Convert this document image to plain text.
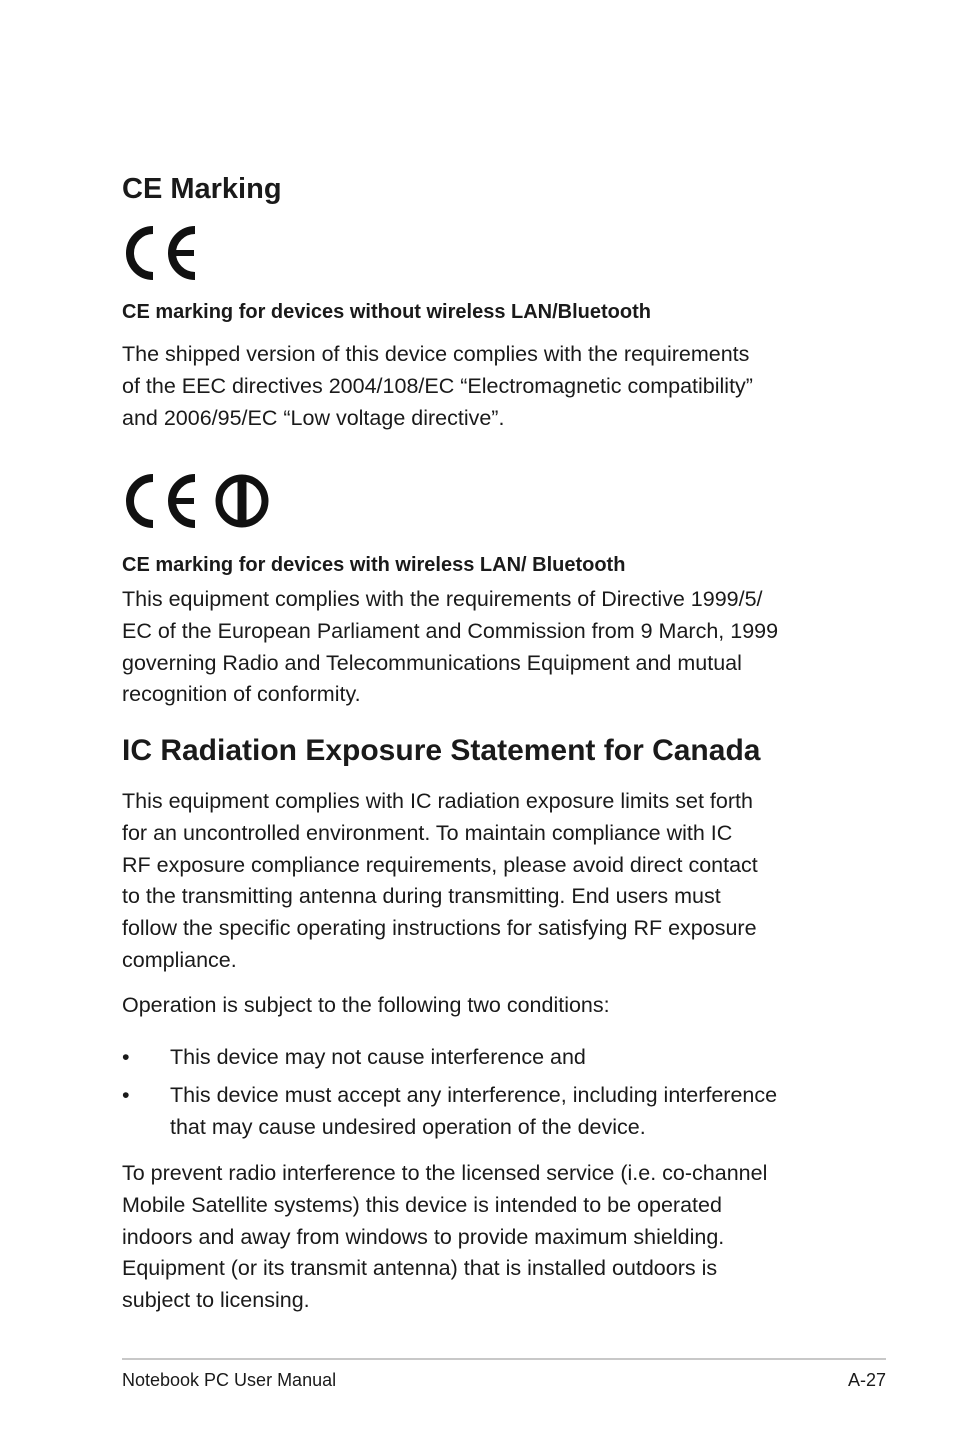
CE Marking
CE marking for devices without wireless LAN/Bluetooth

The shipped version of this device complies with the requirements
of the EEC directives 2004/108/EC “Electromagnetic compatibility”
and 2006/95/EC “Low voltage directive”.

CE marking for devices with wireless LAN/ Bluetooth

This equipment complies with the requirements of Directive 1999/5/
EC of the European Parliament and Commission from 9 March, 1999
governing Radio and Telecommunications Equipment and mutual
recognition of conformity.

IC Radiation Exposure Statement for Canada

This equipment complies with IC radiation exposure limits set forth
for an uncontrolled environment. To maintain compliance with IC
RF exposure compliance requirements, please avoid direct contact
to the transmitting antenna during transmitting. End users must
follow the specific operating instructions for satisfying RF exposure
compliance.

Operation is subject to the following two conditions:

•	This device may not cause interference and
•	This device must accept any interference, including interference
that may cause undesired operation of the device.

To prevent radio interference to the licensed service (i.e. co-channel
Mobile Satellite systems) this device is intended to be operated
indoors and away from windows to provide maximum shielding.
Equipment (or its transmit antenna) that is installed outdoors is
subject to licensing.

Notebook PC User Manual	A-27
